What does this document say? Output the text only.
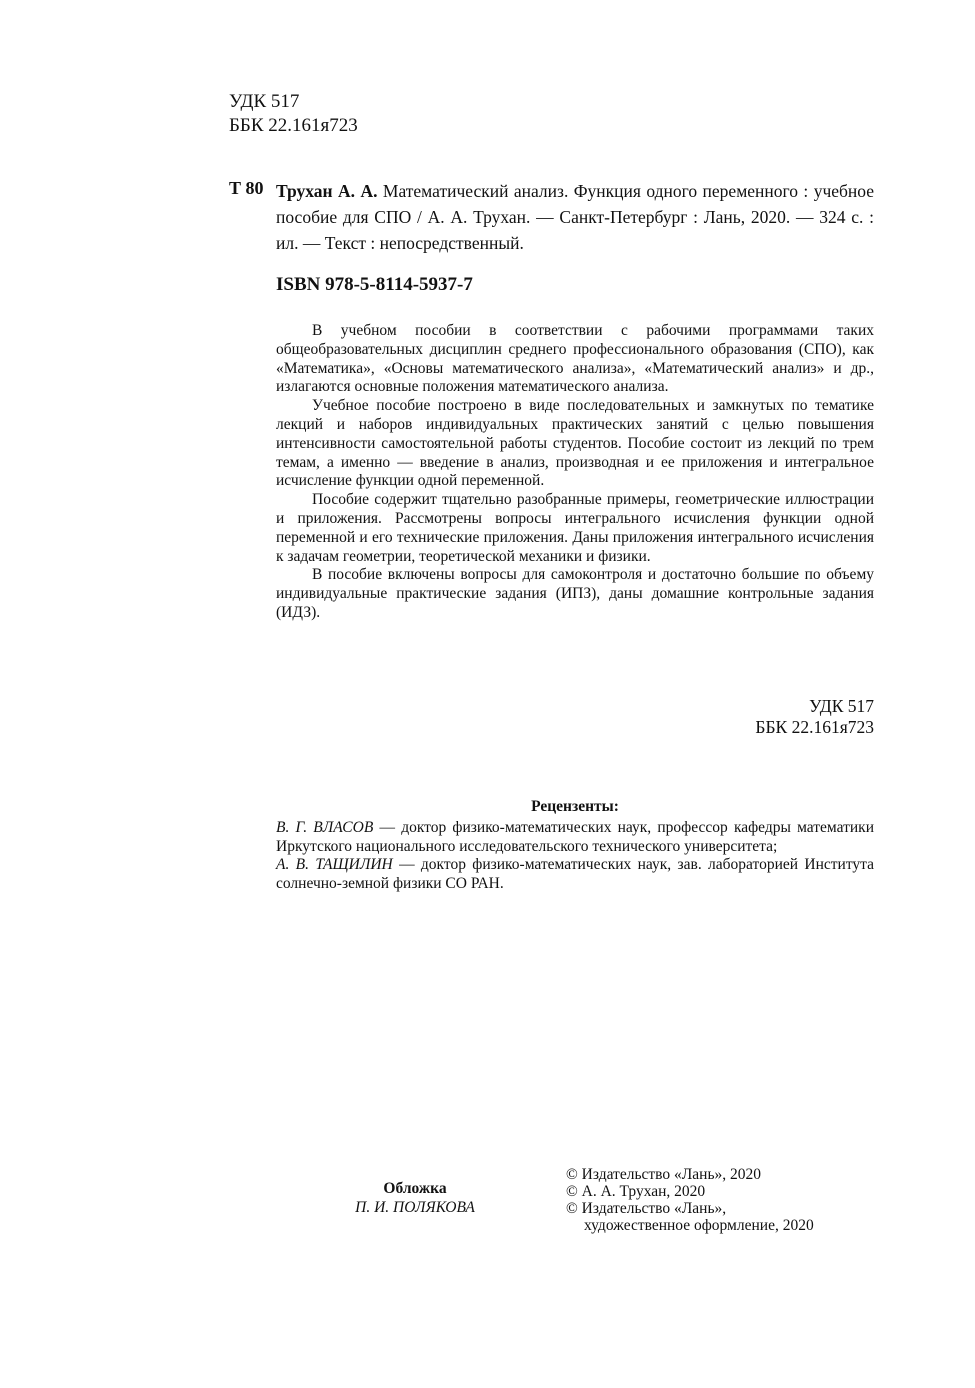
УДК 517
ББК 22.161я723
Т 80 Трухан А. А. Математический анализ. Функция одного переменного : учебное пособие для СПО / А. А. Трухан. — Санкт-Петербург : Лань, 2020. — 324 с. : ил. — Текст : непосредственный.
ISBN 978-5-8114-5937-7

В учебном пособии в соответствии с рабочими программами таких общеобразовательных дисциплин среднего профессионального образования (СПО), как «Математика», «Основы математического анализа», «Математический анализ» и др., излагаются основные положения математического анализа.

Учебное пособие построено в виде последовательных и замкнутых по тематике лекций и наборов индивидуальных практических занятий с целью повышения интенсивности самостоятельной работы студентов. Пособие состоит из лекций по трем темам, а именно — введение в анализ, производная и ее приложения и интегральное исчисление функции одной переменной.

Пособие содержит тщательно разобранные примеры, геометрические иллюстрации и приложения. Рассмотрены вопросы интегрального исчисления функции одной переменной и его технические приложения. Даны приложения интегрального исчисления к задачам геометрии, теоретической механики и физики.

В пособие включены вопросы для самоконтроля и достаточно большие по объему индивидуальные практические задания (ИПЗ), даны домашние контрольные задания (ИДЗ).

УДК 517
ББК 22.161я723
Рецензенты:

В. Г. ВЛАСОВ — доктор физико-математических наук, профессор кафедры математики Иркутского национального исследовательского технического университета;

А. В. ТАЩИЛИН — доктор физико-математических наук, зав. лабораторией Института солнечно-земной физики СО РАН.

Обложка
П. И. ПОЛЯКОВА
© Издательство «Лань», 2020
© А. А. Трухан, 2020
© Издательство «Лань»,
художественное оформление, 2020
